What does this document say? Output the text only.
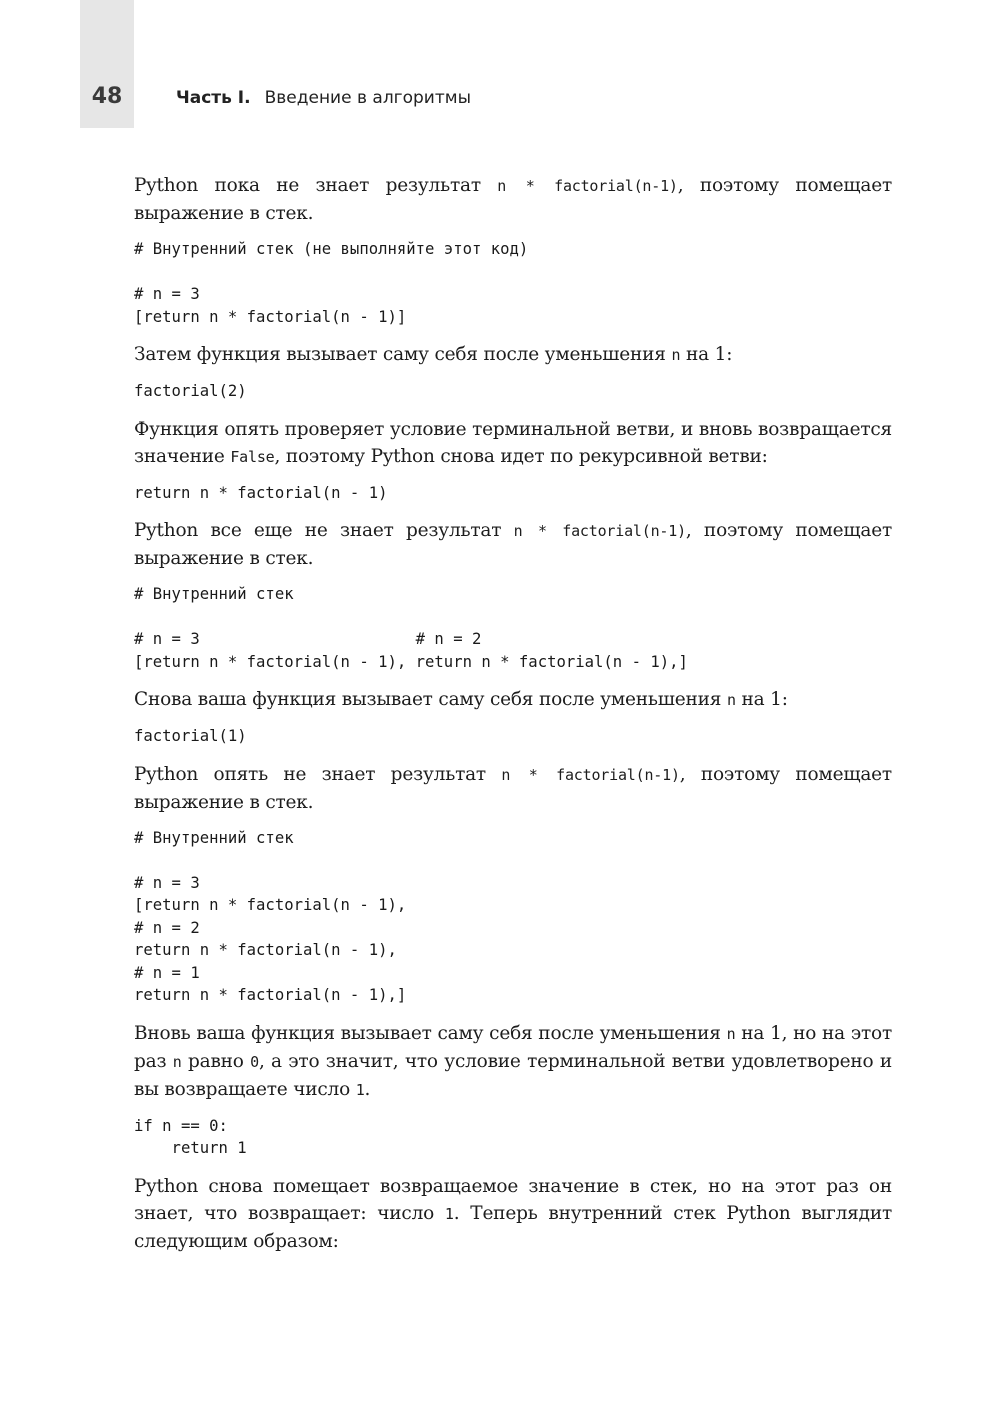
48	Часть I. Введение в алгоритмы

Python пока не знает результат n * factorial(n-1), поэтому помещает выражение в стек.

# Внутренний стек (не выполняйте этот код)
# n = 3
[return n * factorial(n - 1)]

Затем функция вызывает саму себя после уменьшения n на 1:

factorial(2)

Функция опять проверяет условие терминальной ветви, и вновь возвращается значение False, поэтому Python снова идет по рекурсивной ветви:

return n * factorial(n - 1)

Python все еще не знает результат n * factorial(n-1), поэтому помещает выражение в стек.

# Внутренний стек
# n = 3                       # n = 2
[return n * factorial(n - 1), return n * factorial(n - 1),]

Снова ваша функция вызывает саму себя после уменьшения n на 1:

factorial(1)

Python опять не знает результат n * factorial(n-1), поэтому помещает выражение в стек.

# Внутренний стек
# n = 3
[return n * factorial(n - 1),
# n = 2
return n * factorial(n - 1),
# n = 1
return n * factorial(n - 1),]

Вновь ваша функция вызывает саму себя после уменьшения n на 1, но на этот раз n равно 0, а это значит, что условие терминальной ветви удовлетворено и вы возвращаете число 1.

if n == 0:
return 1

Python снова помещает возвращаемое значение в стек, но на этот раз он знает, что возвращает: число 1. Теперь внутренний стек Python выглядит следующим образом:
